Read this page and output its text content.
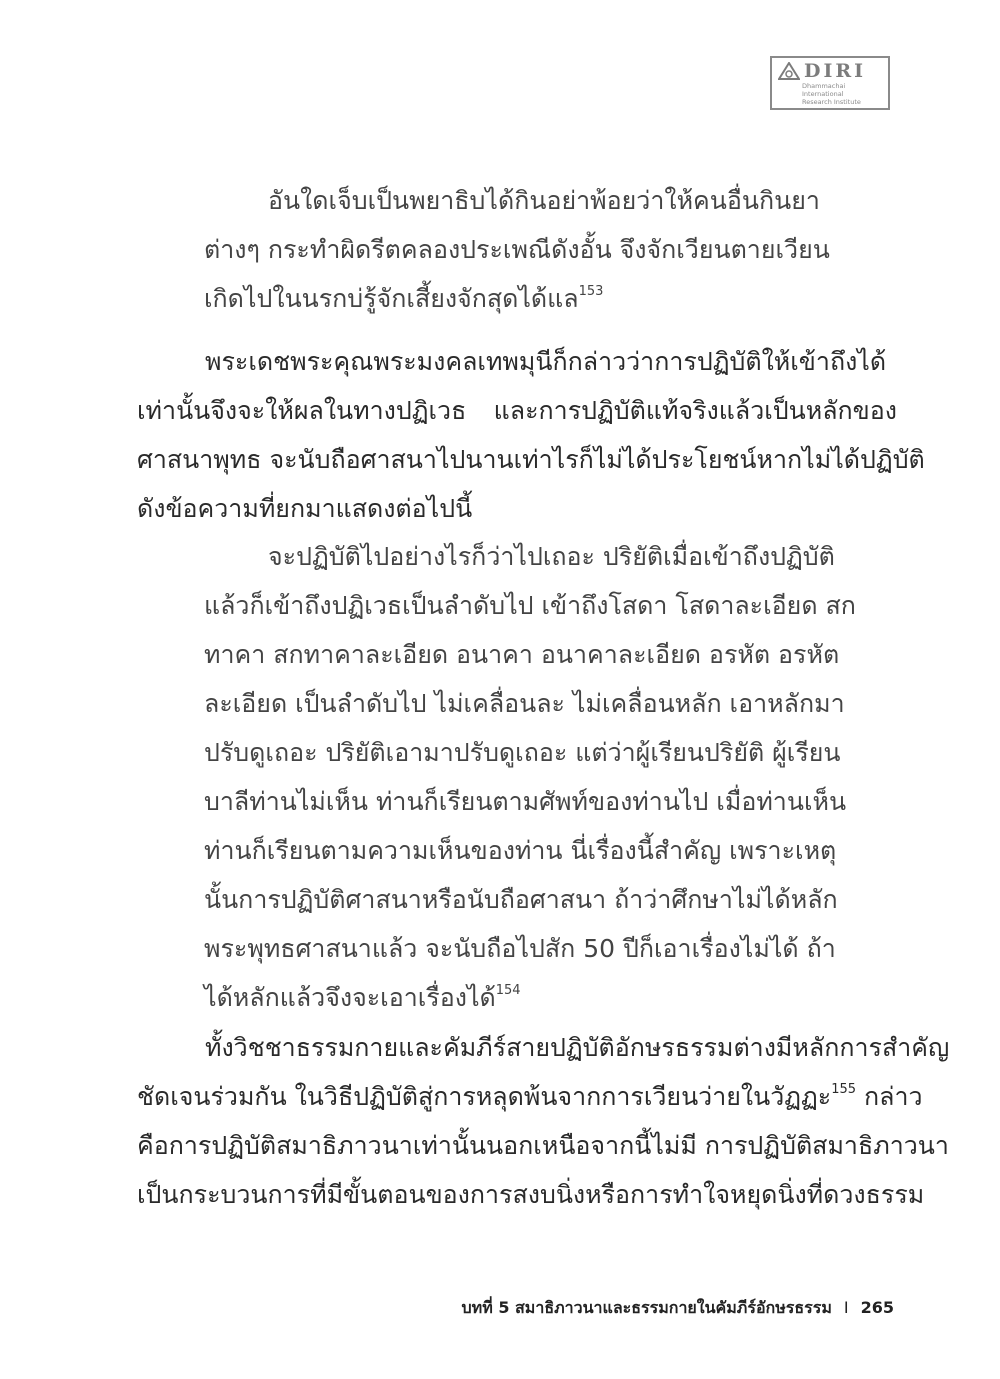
DIRI
Dhammachai International
Research Institute
อันใดเจ็บเป็นพยาธิบได้กินอย่าพ้อยว่าให้คนอื่นกินยา
ต่างๆ กระทำผิดรีตคลองประเพณีดังอั้น จึงจักเวียนตายเวียน
เกิดไปในนรกบ่รู้จักเสี้ยงจักสุดได้แล$^{153}$
พระเดชพระคุณพระมงคลเทพมุนีก็กล่าวว่าการปฏิบัติให้เข้าถึงได้
เท่านั้นจึงจะให้ผลในทางปฏิเวธ และการปฏิบัติแท้จริงแล้วเป็นหลักของ
ศาสนาพุทธ จะนับถือศาสนาไปนานเท่าไรก็ไม่ได้ประโยชน์หากไม่ได้ปฏิบัติ
ดังข้อความที่ยกมาแสดงต่อไปนี้
จะปฏิบัติไปอย่างไรก็ว่าไปเถอะ ปริยัติเมื่อเข้าถึงปฏิบัติ
แล้วก็เข้าถึงปฏิเวธเป็นลำดับไป เข้าถึงโสดา โสดาละเอียด สก
ทาคา สกทาคาละเอียด อนาคา อนาคาละเอียด อรหัต อรหัต
ละเอียด เป็นลำดับไป ไม่เคลื่อนละ ไม่เคลื่อนหลัก เอาหลักมา
ปรับดูเถอะ ปริยัติเอามาปรับดูเถอะ แต่ว่าผู้เรียนปริยัติ ผู้เรียน
บาลีท่านไม่เห็น ท่านก็เรียนตามศัพท์ของท่านไป เมื่อท่านเห็น
ท่านก็เรียนตามความเห็นของท่าน นี่เรื่องนี้สำคัญ เพราะเหตุ
นั้นการปฏิบัติศาสนาหรือนับถือศาสนา ถ้าว่าศึกษาไม่ได้หลัก
พระพุทธศาสนาแล้ว จะนับถือไปสัก 50 ปีก็เอาเรื่องไม่ได้ ถ้า
ได้หลักแล้วจึงจะเอาเรื่องได้$^{154}$
ทั้งวิชชาธรรมกายและคัมภีร์สายปฏิบัติอักษรธรรมต่างมีหลักการสำคัญ
ชัดเจนร่วมกัน ในวิธีปฏิบัติสู่การหลุดพ้นจากการเวียนว่ายในวัฏฏะ$^{155}$ กล่าว
คือการปฏิบัติสมาธิภาวนาเท่านั้นนอกเหนือจากนี้ไม่มี การปฏิบัติสมาธิภาวนา
เป็นกระบวนการที่มีขั้นตอนของการสงบนิ่งหรือการทำใจหยุดนิ่งที่ดวงธรรม
บทที่ 5 สมาธิภาวนาและธรรมกายในคัมภีร์อักษรธรรม I 265
